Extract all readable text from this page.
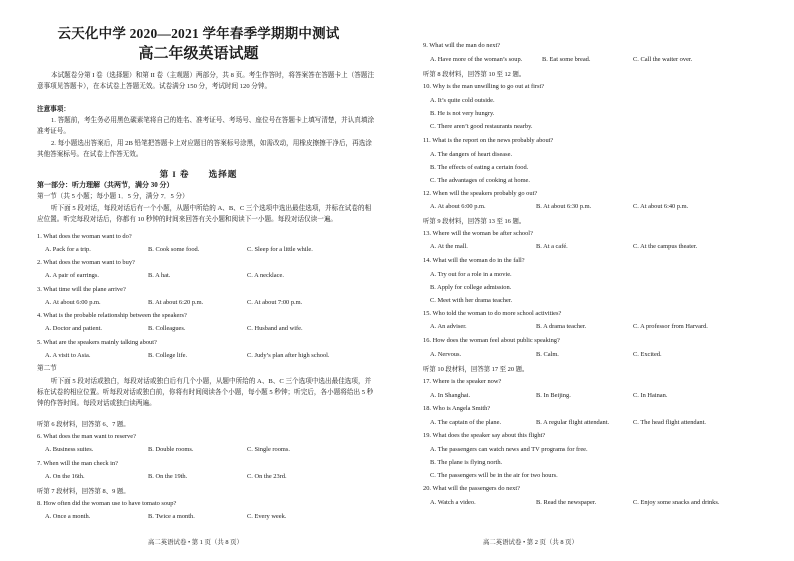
云天化中学 2020—2021 学年春季学期期中测试
高二年级英语试题
本试题卷分第 I 卷（选择题）和第 II 卷（主观题）两部分，共 8 页。考生作答时，将答案答在答题卡上（答题注意事项见答题卡），在本试卷上答题无效。试卷满分 150 分，考试时间 120 分钟。
注意事项：
1. 答题前，考生务必用黑色碳素笔将自己的姓名、准考证号、考场号、座位号在答题卡上填写清楚，并认真填涂准考证号。
2. 每小题选出答案后，用 2B 铅笔把答题卡上对应题目的答案标号涂黑，如需改动，用橡皮擦擦干净后，再选涂其他答案标号。在试卷上作答无效。
第 I 卷　　选择题
第一部分：听力理解（共两节，满分 30 分）
第一节（共 5 小题；每小题 1．5 分，满分 7．5 分）
听下面 5 段对话，每段对话后有一个小题，从题中所给的 A、B、C 三个选项中选出最佳选项，并标在试卷的相应位置。听完每段对话后，你都有 10 秒钟的时间来回答有关小题和阅读下一小题。每段对话仅读一遍。
1. What does the woman want to do?
A. Pack for a trip.	B. Cook some food.	C. Sleep for a little while.
2. What does the woman want to buy?
A. A pair of earrings.	B. A hat.	C. A necklace.
3. What time will the plane arrive?
A. At about 6:00 p.m.	B. At about 6:20 p.m.	C. At about 7:00 p.m.
4. What is the probable relationship between the speakers?
A. Doctor and patient.	B. Colleagues.	C. Husband and wife.
5. What are the speakers mainly talking about?
A. A visit to Asia.	B. College life.	C. Judy’s plan after high school.
第二节
听下面 5 段对话或独白，每段对话或独白后有几个小题，从题中所给的 A、B、C 三个选项中选出最佳选项，并标在试卷的相应位置。听每段对话或独白前，你将有时间阅读各个小题，每小题 5 秒钟；听完后，各小题将给出 5 秒钟的作答时间。每段对话或独白读两遍。
听第 6 段材料，回答第 6、7 题。
6. What does the man want to reserve?
A. Business suites.	B. Double rooms.	C. Single rooms.
7. When will the man check in?
A. On the 16th.	B. On the 19th.	C. On the 23rd.
听第 7 段材料，回答第 8、9 题。
8. How often did the woman use to have tomato soup?
A. Once a month.	B. Twice a month.	C. Every week.
高二英语试卷 • 第 1 页（共 8 页）
9. What will the man do next?
A. Have more of the woman’s soup.	B. Eat some bread.	C. Call the waiter over.
听第 8 段材料，回答第 10 至 12 题。
10. Why is the man unwilling to go out at first?
A. It’s quite cold outside.
B. He is not very hungry.
C. There aren’t good restaurants nearby.
11. What is the report on the news probably about?
A. The dangers of heart disease.
B. The effects of eating a certain food.
C. The advantages of cooking at home.
12. When will the speakers probably go out?
A. At about 6:00 p.m.	B. At about 6:30 p.m.	C. At about 6:40 p.m.
听第 9 段材料，回答第 13 至 16 题。
13. Where will the woman be after school?
A. At the mall.	B. At a café.	C. At the campus theater.
14. What will the woman do in the fall?
A. Try out for a role in a movie.
B. Apply for college admission.
C. Meet with her drama teacher.
15. Who told the woman to do more school activities?
A. An adviser.	B. A drama teacher.	C. A professor from Harvard.
16. How does the woman feel about public speaking?
A. Nervous.	B. Calm.	C. Excited.
听第 10 段材料，回答第 17 至 20 题。
17. Where is the speaker now?
A. In Shanghai.	B. In Beijing.	C. In Hainan.
18. Who is Angela Smith?
A. The captain of the plane.	B. A regular flight attendant.	C. The head flight attendant.
19. What does the speaker say about this flight?
A. The passengers can watch news and TV programs for free.
B. The plane is flying north.
C. The passengers will be in the air for two hours.
20. What will the passengers do next?
A. Watch a video.	B. Read the newspaper.	C. Enjoy some snacks and drinks.
高二英语试卷 • 第 2 页（共 8 页）
